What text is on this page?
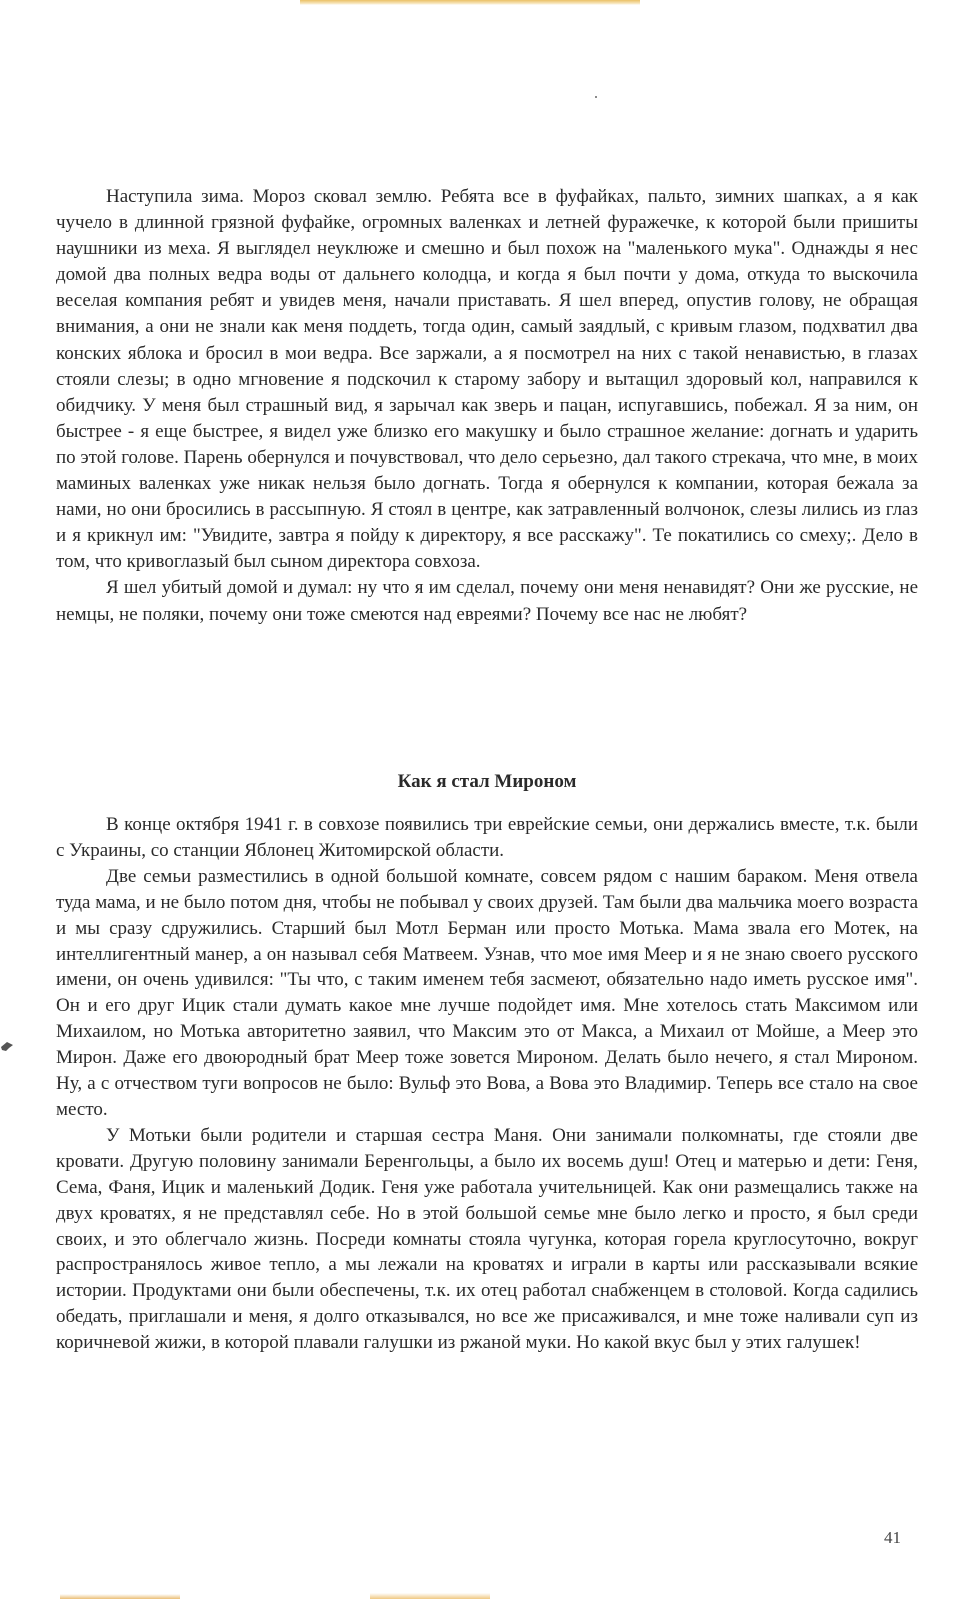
Наступила зима. Мороз сковал землю. Ребята все в фуфайках, пальто, зимних шапках, а я как чучело в длинной грязной фуфайке, огромных валенках и летней фуражечке, к которой были пришиты наушники из меха. Я выглядел неуклюже и смешно и был похож на "маленького мука". Однажды я нес домой два полных ведра воды от дальнего колодца, и когда я был почти у дома, откуда то выскочила веселая компания ребят и увидев меня, начали приставать. Я шел вперед, опустив голову, не обращая внимания, а они не знали как меня поддеть, тогда один, самый заядлый, с кривым глазом, подхватил два конских яблока и бросил в мои ведра. Все заржали, а я посмотрел на них с такой ненавистью, в глазах стояли слезы; в одно мгновение я подскочил к старому забору и вытащил здоровый кол, направился к обидчику. У меня был страшный вид, я зарычал как зверь и пацан, испугавшись, побежал. Я за ним, он быстрее - я еще быстрее, я видел уже близко его макушку и было страшное желание: догнать и ударить по этой голове. Парень обернулся и почувствовал, что дело серьезно, дал такого стрекача, что мне, в моих маминых валенках уже никак нельзя было догнать. Тогда я обернулся к компании, которая бежала за нами, но они бросились в рассыпную. Я стоял в центре, как затравленный волчонок, слезы лились из глаз и я крикнул им: "Увидите, завтра я пойду к директору, я все расскажу". Те покатились со смеху;. Дело в том, что кривоглазый был сыном директора совхоза.

Я шел убитый домой и думал: ну что я им сделал, почему они меня ненавидят? Они же русские, не немцы, не поляки, почему они тоже смеются над евреями? Почему все нас не любят?

Как я стал Мироном

В конце октября 1941 г. в совхозе появились три еврейские семьи, они держались вместе, т.к. были с Украины, со станции Яблонец Житомирской области.

Две семьи разместились в одной большой комнате, совсем рядом с нашим бараком. Меня отвела туда мама, и не было потом дня, чтобы не побывал у своих друзей. Там были два мальчика моего возраста и мы сразу сдружились. Старший был Мотл Берман или просто Мотька. Мама звала его Мотек, на интеллигентный манер, а он называл себя Матвеем. Узнав, что мое имя Меер и я не знаю своего русского имени, он очень удивился: "Ты что, с таким именем тебя засмеют, обязательно надо иметь русское имя". Он и его друг Ицик стали думать какое мне лучше подойдет имя. Мне хотелось стать Максимом или Михаилом, но Мотька авторитетно заявил, что Максим это от Макса, а Михаил от Мойше, а Меер это Мирон. Даже его двоюродный брат Меер тоже зовется Мироном. Делать было нечего, я стал Мироном. Ну, а с отчеством туги вопросов не было: Вульф это Вова, а Вова это Владимир. Теперь все стало на свое место.

У Мотьки были родители и старшая сестра Маня. Они занимали полкомнаты, где стояли две кровати. Другую половину занимали Беренгольцы, а было их восемь душ! Отец и матерью и дети: Геня, Сема, Фаня, Ицик и маленький Додик. Геня уже работала учительницей. Как они размещались также на двух кроватях, я не представлял себе. Но в этой большой семье мне было легко и просто, я был среди своих, и это облегчало жизнь. Посреди комнаты стояла чугунка, которая горела круглосуточно, вокруг распространялось живое тепло, а мы лежали на кроватях и играли в карты или рассказывали всякие истории. Продуктами они были обеспечены, т.к. их отец работал снабженцем в столовой. Когда садились обедать, приглашали и меня, я долго отказывался, но все же присаживался, и мне тоже наливали суп из коричневой жижи, в которой плавали галушки из ржаной муки. Но какой вкус был у этих галушек!

41
